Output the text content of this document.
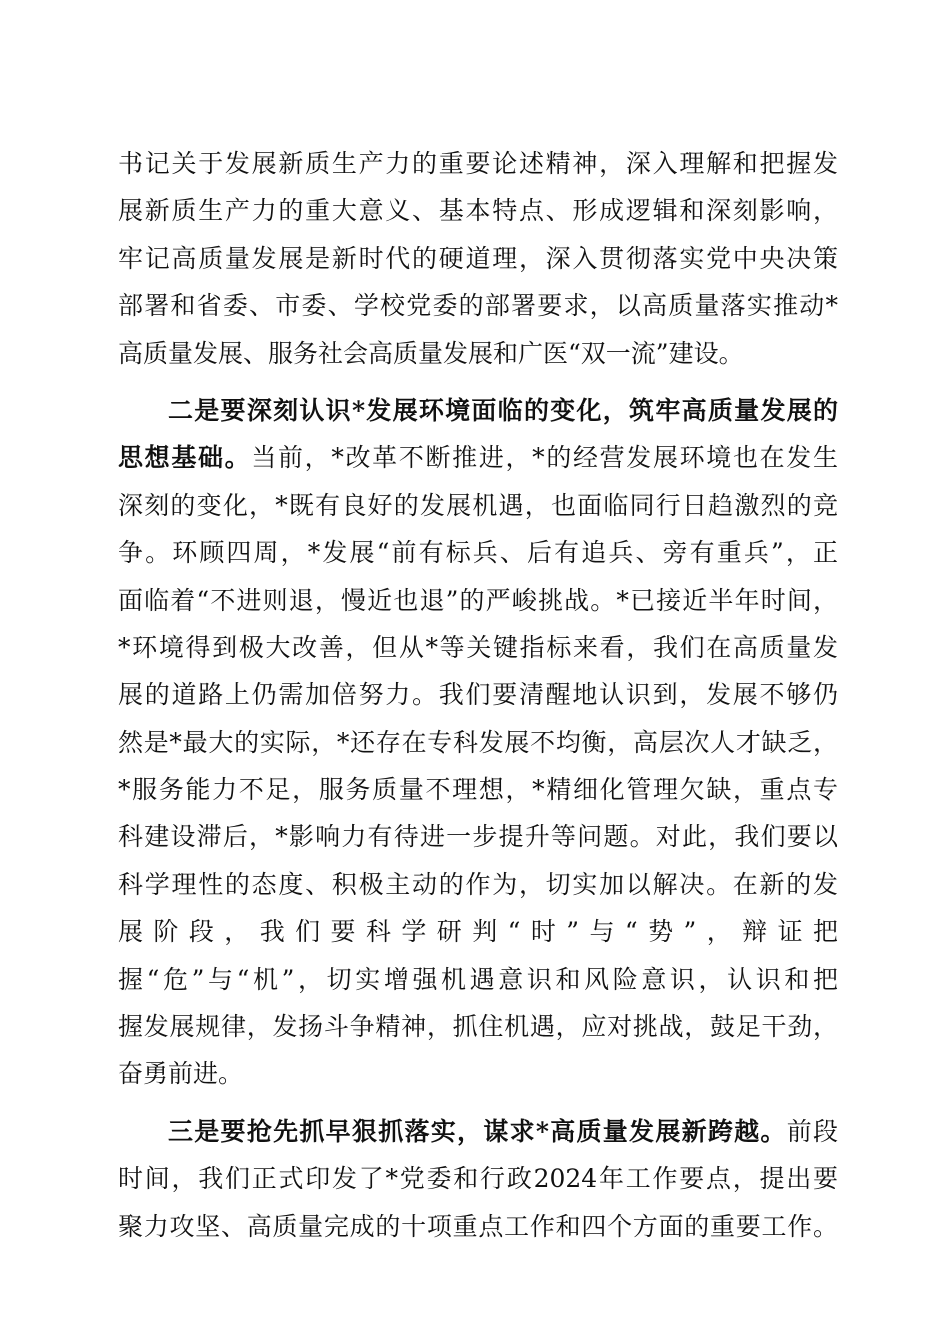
书记关于发展新质生产力的重要论述精神，深入理解和把握发
展新质生产力的重大意义、基本特点、形成逻辑和深刻影响，
牢记高质量发展是新时代的硬道理，深入贯彻落实党中央决策
部署和省委、市委、学校党委的部署要求，以高质量落实推动*
高质量发展、服务社会高质量发展和广医“双一流”建设。
二是要深刻认识*发展环境面临的变化，筑牢高质量发展的
思想基础。当前，*改革不断推进，*的经营发展环境也在发生
深刻的变化，*既有良好的发展机遇，也面临同行日趋激烈的竞
争。环顾四周，*发展“前有标兵、后有追兵、旁有重兵”，正
面临着“不进则退，慢近也退”的严峻挑战。*已接近半年时间，
*环境得到极大改善，但从*等关键指标来看，我们在高质量发
展的道路上仍需加倍努力。我们要清醒地认识到，发展不够仍
然是*最大的实际，*还存在专科发展不均衡，高层次人才缺乏，
*服务能力不足，服务质量不理想，*精细化管理欠缺，重点专
科建设滞后，*影响力有待进一步提升等问题。对此，我们要以
科学理性的态度、积极主动的作为，切实加以解决。在新的发
展阶段，我们要科学研判“时”与“势”，辩证把
握“危”与“机”，切实增强机遇意识和风险意识，认识和把
握发展规律，发扬斗争精神，抓住机遇，应对挑战，鼓足干劲，
奋勇前进。
三是要抢先抓早狠抓落实，谋求*高质量发展新跨越。前段
时间，我们正式印发了*党委和行政2024年工作要点，提出要
聚力攻坚、高质量完成的十项重点工作和四个方面的重要工作。
